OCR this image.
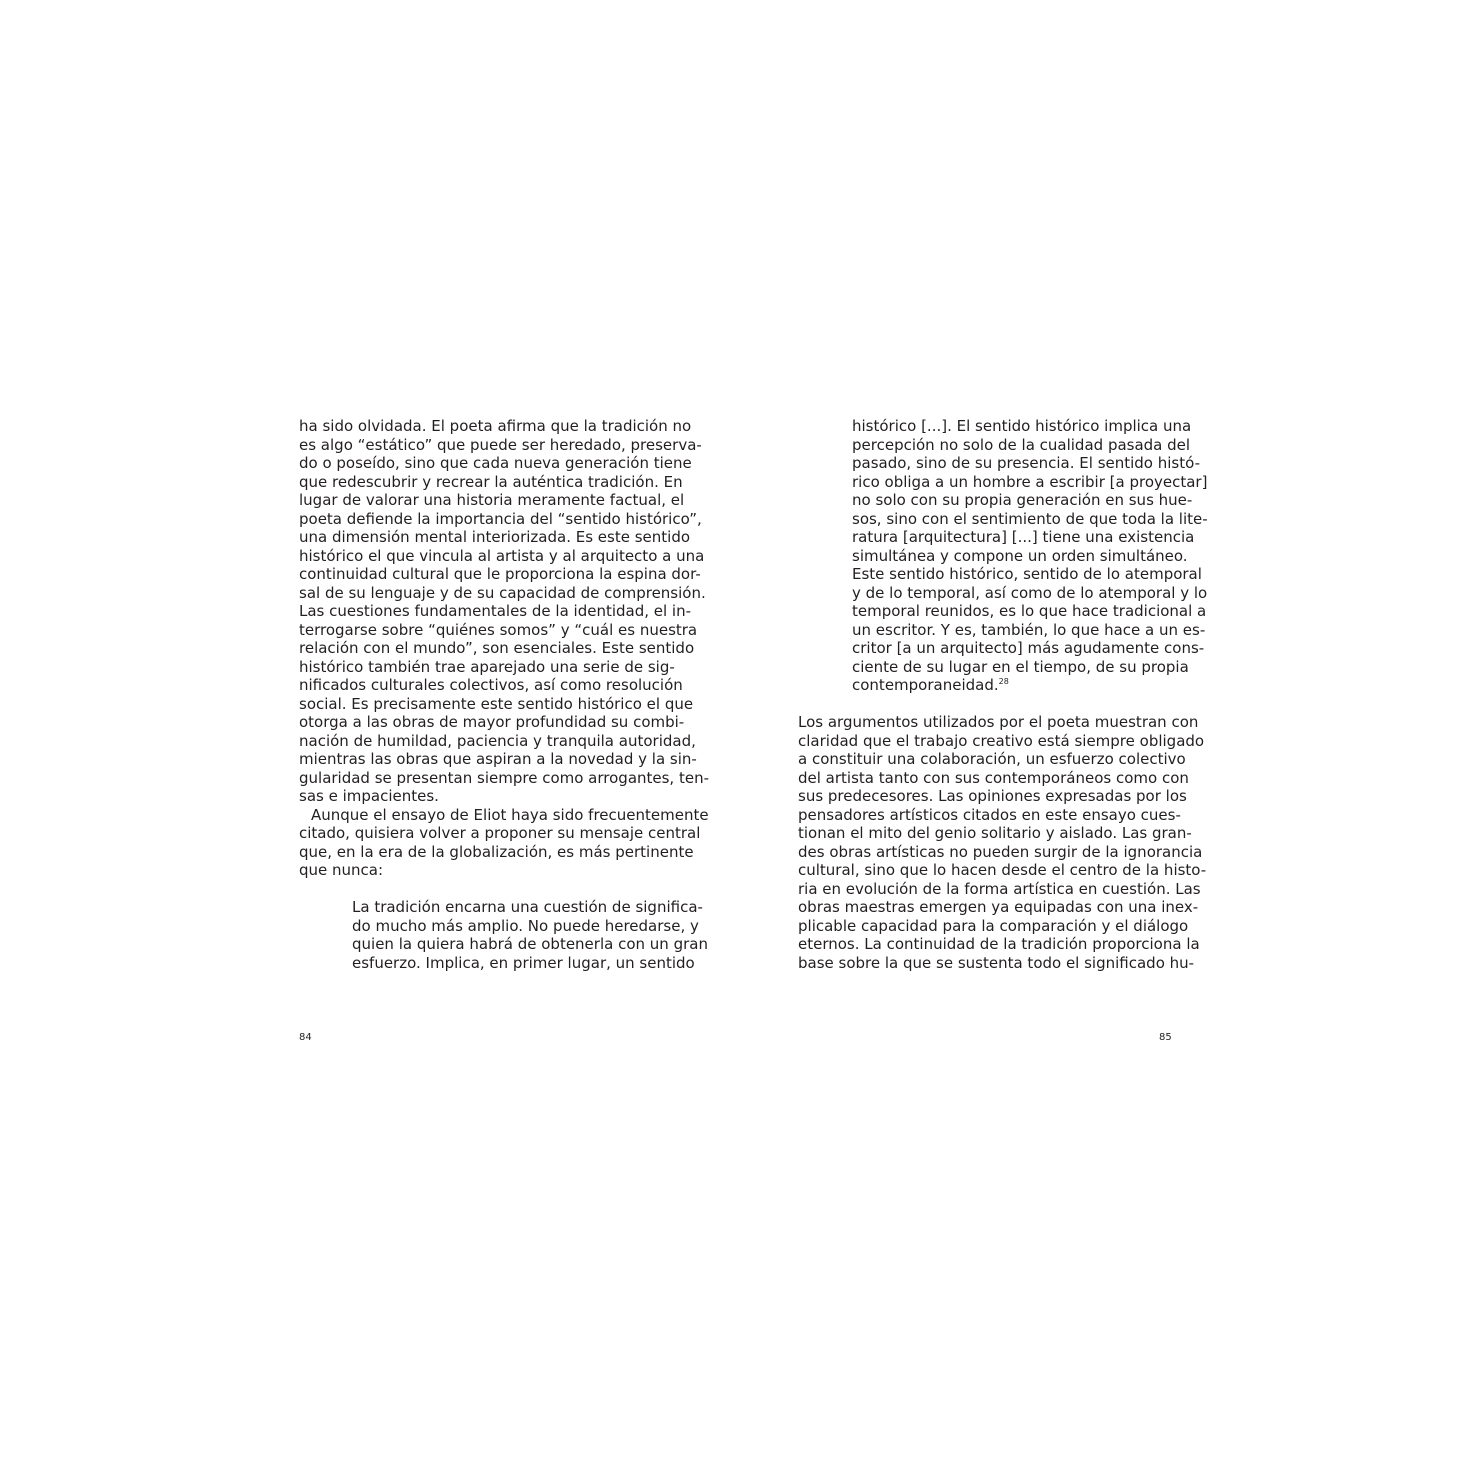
ha sido olvidada. El poeta afirma que la tradición no
es algo “estático” que puede ser heredado, preserva-
do o poseído, sino que cada nueva generación tiene
que redescubrir y recrear la auténtica tradición. En
lugar de valorar una historia meramente factual, el
poeta defiende la importancia del “sentido histórico”,
una dimensión mental interiorizada. Es este sentido
histórico el que vincula al artista y al arquitecto a una
continuidad cultural que le proporciona la espina dor-
sal de su lenguaje y de su capacidad de comprensión.
Las cuestiones fundamentales de la identidad, el in-
terrogarse sobre “quiénes somos” y “cuál es nuestra
relación con el mundo”, son esenciales. Este sentido
histórico también trae aparejado una serie de sig-
nificados culturales colectivos, así como resolución
social. Es precisamente este sentido histórico el que
otorga a las obras de mayor profundidad su combi-
nación de humildad, paciencia y tranquila autoridad,
mientras las obras que aspiran a la novedad y la sin-
gularidad se presentan siempre como arrogantes, ten-
sas e impacientes.
Aunque el ensayo de Eliot haya sido frecuentemente
citado, quisiera volver a proponer su mensaje central
que, en la era de la globalización, es más pertinente
que nunca:
La tradición encarna una cuestión de significa-
do mucho más amplio. No puede heredarse, y
quien la quiera habrá de obtenerla con un gran
esfuerzo. Implica, en primer lugar, un sentido
84
histórico [...]. El sentido histórico implica una
percepción no solo de la cualidad pasada del
pasado, sino de su presencia. El sentido histó-
rico obliga a un hombre a escribir [a proyectar]
no solo con su propia generación en sus hue-
sos, sino con el sentimiento de que toda la lite-
ratura [arquitectura] [...] tiene una existencia
simultánea y compone un orden simultáneo.
Este sentido histórico, sentido de lo atemporal
y de lo temporal, así como de lo atemporal y lo
temporal reunidos, es lo que hace tradicional a
un escritor. Y es, también, lo que hace a un es-
critor [a un arquitecto] más agudamente cons-
ciente de su lugar en el tiempo, de su propia
contemporaneidad.$^{28}$
Los argumentos utilizados por el poeta muestran con
claridad que el trabajo creativo está siempre obligado
a constituir una colaboración, un esfuerzo colectivo
del artista tanto con sus contemporáneos como con
sus predecesores. Las opiniones expresadas por los
pensadores artísticos citados en este ensayo cues-
tionan el mito del genio solitario y aislado. Las gran-
des obras artísticas no pueden surgir de la ignorancia
cultural, sino que lo hacen desde el centro de la histo-
ria en evolución de la forma artística en cuestión. Las
obras maestras emergen ya equipadas con una inex-
plicable capacidad para la comparación y el diálogo
eternos. La continuidad de la tradición proporciona la
base sobre la que se sustenta todo el significado hu-
85
